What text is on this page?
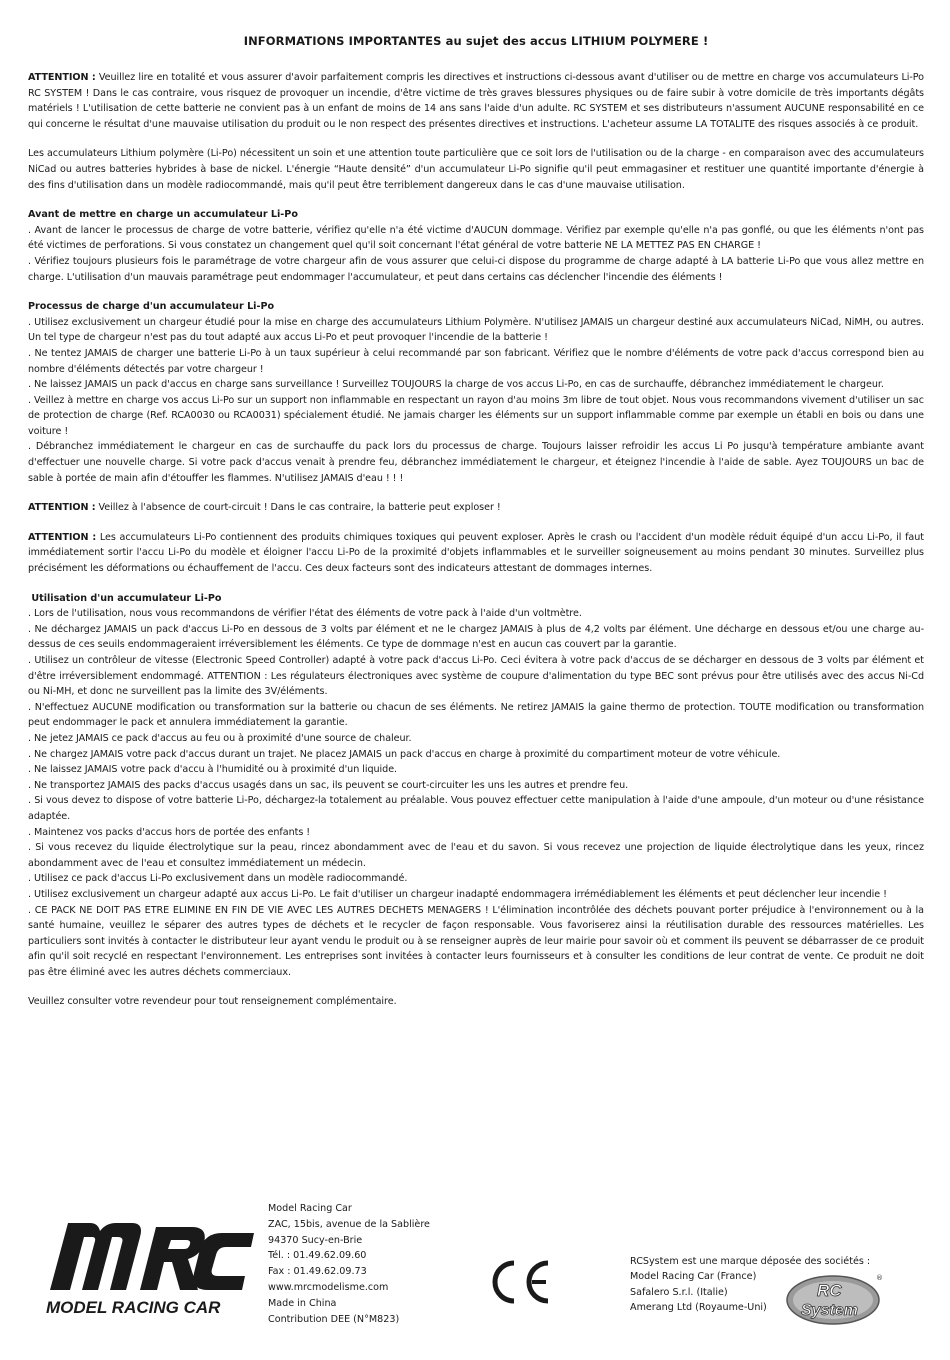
INFORMATIONS IMPORTANTES au sujet des accus LITHIUM POLYMERE !

ATTENTION : Veuillez lire en totalité et vous assurer d'avoir parfaitement compris les directives et instructions ci-dessous avant d'utiliser ou de mettre en charge vos accumulateurs Li-Po RC SYSTEM ! Dans le cas contraire, vous risquez de provoquer un incendie, d'être victime de très graves blessures physiques ou de faire subir à votre domicile de très importants dégâts matériels ! L'utilisation de cette batterie ne convient pas à un enfant de moins de 14 ans sans l'aide d'un adulte. RC SYSTEM et ses distributeurs n'assument AUCUNE responsabilité en ce qui concerne le résultat d'une mauvaise utilisation du produit ou le non respect des présentes directives et instructions. L'acheteur assume LA TOTALITE des risques associés à ce produit.

Les accumulateurs Lithium polymère (Li-Po) nécessitent un soin et une attention toute particulière que ce soit lors de l'utilisation ou de la charge - en comparaison avec des accumulateurs NiCad ou autres batteries hybrides à base de nickel. L'énergie “Haute densité” d'un accumulateur Li-Po signifie qu'il peut emmagasiner et restituer une quantité importante d'énergie à des fins d'utilisation dans un modèle radiocommandé, mais qu'il peut être terriblement dangereux dans le cas d'une mauvaise utilisation.

Avant de mettre en charge un accumulateur Li-Po
. Avant de lancer le processus de charge de votre batterie, vérifiez qu'elle n'a été victime d'AUCUN dommage. Vérifiez par exemple qu'elle n'a pas gonflé, ou que les éléments n'ont pas été victimes de perforations. Si vous constatez un changement quel qu'il soit concernant l'état général de votre batterie NE LA METTEZ PAS EN CHARGE !
. Vérifiez toujours plusieurs fois le paramétrage de votre chargeur afin de vous assurer que celui-ci dispose du programme de charge adapté à LA batterie Li-Po que vous allez mettre en charge. L'utilisation d'un mauvais paramétrage peut endommager l'accumulateur, et peut dans certains cas déclencher l'incendie des éléments !
Processus de charge d'un accumulateur Li-Po
. Utilisez exclusivement un chargeur étudié pour la mise en charge des accumulateurs Lithium Polymère. N'utilisez JAMAIS un chargeur destiné aux accumulateurs NiCad, NiMH, ou autres. Un tel type de chargeur n'est pas du tout adapté aux accus Li-Po et peut provoquer l'incendie de la batterie !
. Ne tentez JAMAIS de charger une batterie Li-Po à un taux supérieur à celui recommandé par son fabricant. Vérifiez que le nombre d'éléments de votre pack d'accus correspond bien au nombre d'éléments détectés par votre chargeur !
. Ne laissez JAMAIS un pack d'accus en charge sans surveillance ! Surveillez TOUJOURS la charge de vos accus Li-Po, en cas de surchauffe, débranchez immédiatement le chargeur.
. Veillez à mettre en charge vos accus Li-Po sur un support non inflammable en respectant un rayon d'au moins 3m libre de tout objet. Nous vous recommandons vivement d'utiliser un sac de protection de charge (Ref. RCA0030 ou RCA0031) spécialement étudié. Ne jamais charger les éléments sur un support inflammable comme par exemple un établi en bois ou dans une voiture !
. Débranchez immédiatement le chargeur en cas de surchauffe du pack lors du processus de charge. Toujours laisser refroidir les accus Li Po jusqu'à température ambiante avant d'effectuer une nouvelle charge. Si votre pack d'accus venait à prendre feu, débranchez immédiatement le chargeur, et éteignez l'incendie à l'aide de sable. Ayez TOUJOURS un bac de sable à portée de main afin d'étouffer les flammes. N'utilisez JAMAIS d'eau ! ! !

ATTENTION : Veillez à l'absence de court-circuit ! Dans le cas contraire, la batterie peut exploser !

ATTENTION : Les accumulateurs Li-Po contiennent des produits chimiques toxiques qui peuvent exploser. Après le crash ou l'accident d'un modèle réduit équipé d'un accu Li-Po, il faut immédiatement sortir l'accu Li-Po du modèle et éloigner l'accu Li-Po de la proximité d'objets inflammables et le surveiller soigneusement au moins pendant 30 minutes. Surveillez plus précisément les déformations ou échauffement de l'accu. Ces deux facteurs sont des indicateurs attestant de dommages internes.

Utilisation d'un accumulateur Li-Po
. Lors de l'utilisation, nous vous recommandons de vérifier l'état des éléments de votre pack à l'aide d'un voltmètre.
. Ne déchargez JAMAIS un pack d'accus Li-Po en dessous de 3 volts par élément et ne le chargez JAMAIS à plus de 4,2 volts par élément. Une décharge en dessous et/ou une charge au-dessus de ces seuils endommageraient irréversiblement les éléments. Ce type de dommage n'est en aucun cas couvert par la garantie.
. Utilisez un contrôleur de vitesse (Electronic Speed Controller) adapté à votre pack d'accus Li-Po. Ceci évitera à votre pack d'accus de se décharger en dessous de 3 volts par élément et d'être irréversiblement endommagé. ATTENTION : Les régulateurs électroniques avec système de coupure d'alimentation du type BEC sont prévus pour être utilisés avec des accus Ni-Cd ou Ni-MH, et donc ne surveillent pas la limite des 3V/éléments.
. N'effectuez AUCUNE modification ou transformation sur la batterie ou chacun de ses éléments. Ne retirez JAMAIS la gaine thermo de protection. TOUTE modification ou transformation peut endommager le pack et annulera immédiatement la garantie.
. Ne jetez JAMAIS ce pack d'accus au feu ou à proximité d'une source de chaleur.
. Ne chargez JAMAIS votre pack d'accus durant un trajet. Ne placez JAMAIS un pack d'accus en charge à proximité du compartiment moteur de votre véhicule.
. Ne laissez JAMAIS votre pack d'accu à l'humidité ou à proximité d'un liquide.
. Ne transportez JAMAIS des packs d'accus usagés dans un sac, ils peuvent se court-circuiter les uns les autres et prendre feu.
. Si vous devez to dispose of votre batterie Li-Po, déchargez-la totalement au préalable. Vous pouvez effectuer cette manipulation à l'aide d'une ampoule, d'un moteur ou d'une résistance adaptée.
. Maintenez vos packs d'accus hors de portée des enfants !
. Si vous recevez du liquide électrolytique sur la peau, rincez abondamment avec de l'eau et du savon. Si vous recevez une projection de liquide électrolytique dans les yeux, rincez abondamment avec de l'eau et consultez immédiatement un médecin.
. Utilisez ce pack d'accus Li-Po exclusivement dans un modèle radiocommandé.
. Utilisez exclusivement un chargeur adapté aux accus Li-Po. Le fait d'utiliser un chargeur inadapté endommagera irrémédiablement les éléments et peut déclencher leur incendie !
. CE PACK NE DOIT PAS ETRE ELIMINE EN FIN DE VIE AVEC LES AUTRES DECHETS MENAGERS ! L'élimination incontrôlée des déchets pouvant porter préjudice à l'environnement ou à la santé humaine, veuillez le séparer des autres types de déchets et le recycler de façon responsable. Vous favoriserez ainsi la réutilisation durable des ressources matérielles. Les particuliers sont invités à contacter le distributeur leur ayant vendu le produit ou à se renseigner auprès de leur mairie pour savoir où et comment ils peuvent se débarrasser de ce produit afin qu'il soit recyclé en respectant l'environnement. Les entreprises sont invitées à contacter leurs fournisseurs et à consulter les conditions de leur contrat de vente. Ce produit ne doit pas être éliminé avec les autres déchets commerciaux.

Veuillez consulter votre revendeur pour tout renseignement complémentaire.

MODEL RACING CAR
Model Racing Car
ZAC, 15bis, avenue de la Sablière
94370 Sucy-en-Brie
Tél. : 01.49.62.09.60
Fax : 01.49.62.09.73
www.mrcmodelisme.com
Made in China
Contribution DEE (N°M823)
RCSystem est une marque déposée des sociétés :
Model Racing Car (France)
Safalero S.r.l. (Italie)
Amerang Ltd (Royaume-Uni)
RC
System
®
